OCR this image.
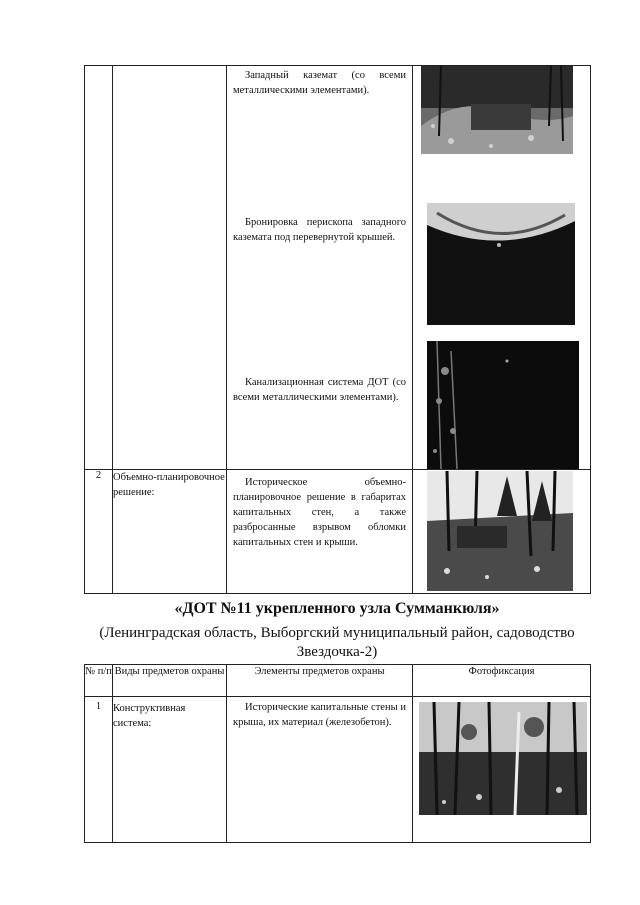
		Западный каземат (со всеми металлическими элементами).
Бронировка перископа западного каземата под перевернутой крышей.
Канализационная система ДОТ (со всеми металлическими элементами).

2	Объемно-планировочное решение:	Историческое объемно-планировочное решение в габаритах капитальных стен, а также разбросанные взрывом обломки капитальных стен и крыши.

«ДОТ №11 укрепленного узла Сумманкюля»
(Ленинградская область, Выборгский муниципальный район, садоводство Звездочка-2)
№ п/п	Виды предметов охраны	Элементы предметов охраны	Фотофиксация
1	Конструктивная система:	Исторические капитальные стены и крыша, их материал (железобетон).
